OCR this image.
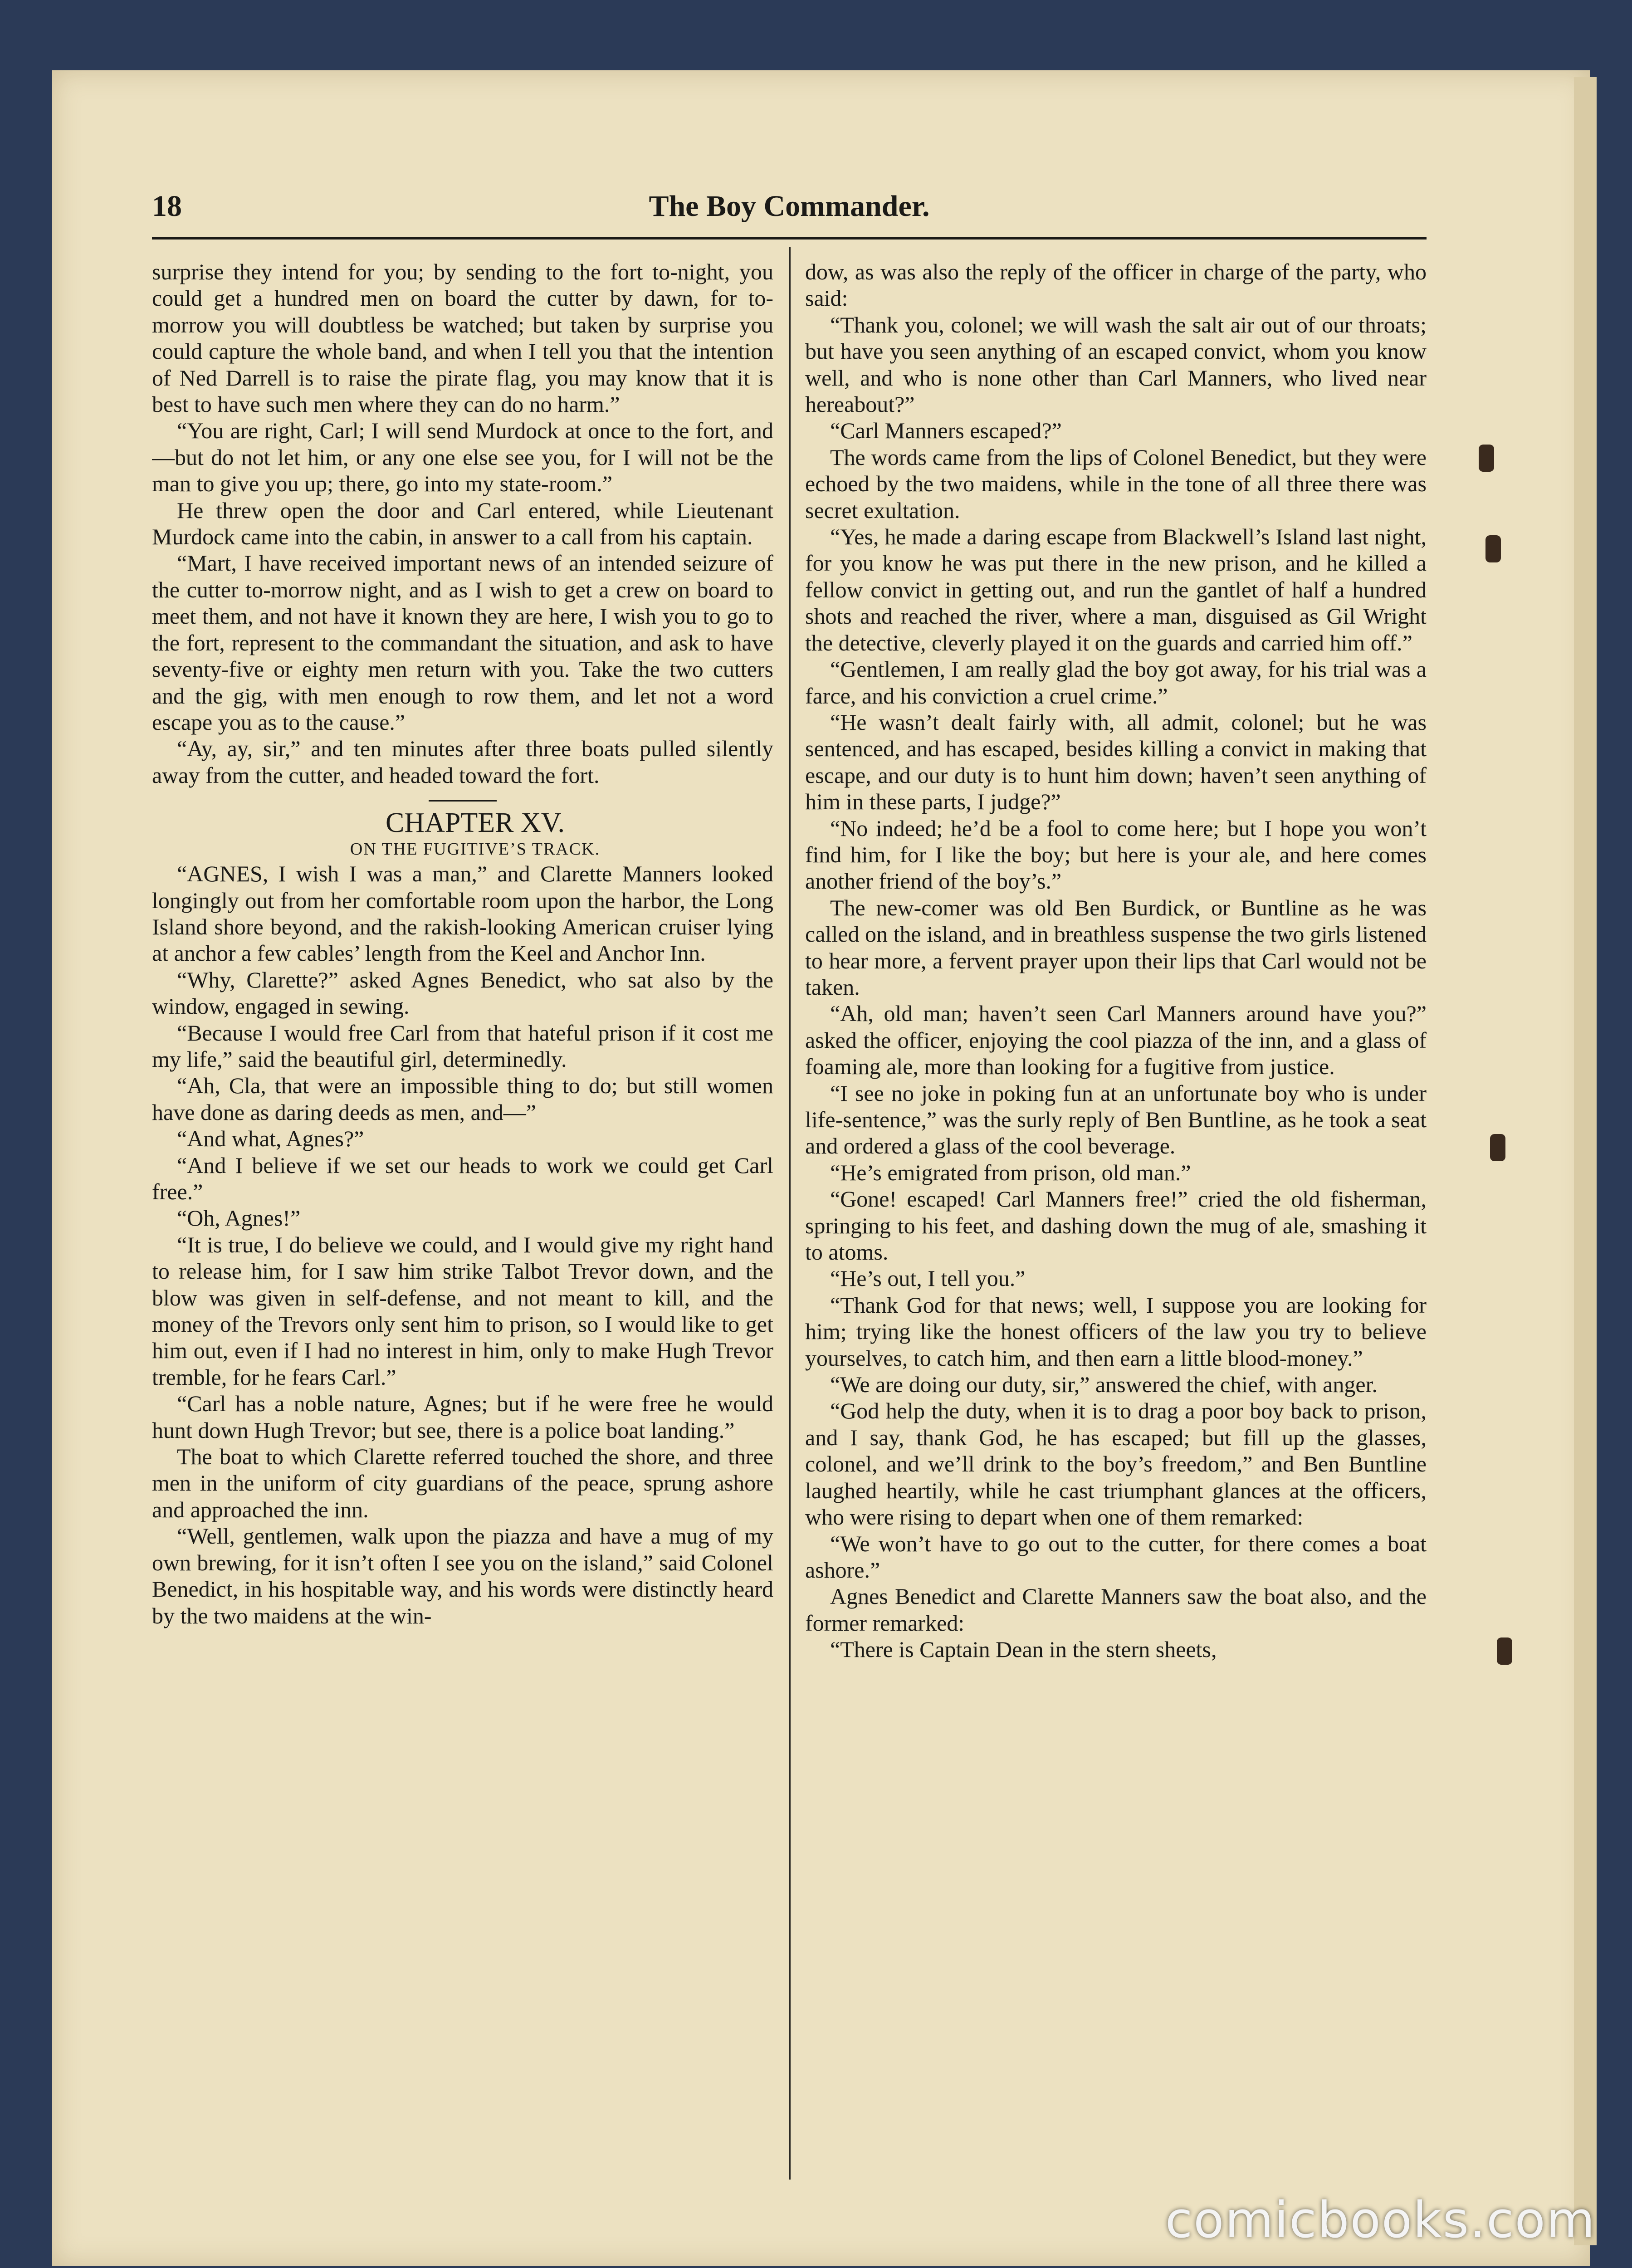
18	The Boy Commander.

surprise they intend for you; by sending to the fort to-night, you could get a hundred men on board the cutter by dawn, for to-morrow you will doubtless be watched; but taken by surprise you could capture the whole band, and when I tell you that the intention of Ned Darrell is to raise the pirate flag, you may know that it is best to have such men where they can do no harm.”

“You are right, Carl; I will send Murdock at once to the fort, and—but do not let him, or any one else see you, for I will not be the man to give you up; there, go into my state-room.”

He threw open the door and Carl entered, while Lieutenant Murdock came into the cabin, in answer to a call from his captain.

“Mart, I have received important news of an intended seizure of the cutter to-morrow night, and as I wish to get a crew on board to meet them, and not have it known they are here, I wish you to go to the fort, represent to the commandant the situation, and ask to have seventy-five or eighty men return with you. Take the two cutters and the gig, with men enough to row them, and let not a word escape you as to the cause.”

“Ay, ay, sir,” and ten minutes after three boats pulled silently away from the cutter, and headed toward the fort.

CHAPTER XV.

ON THE FUGITIVE’S TRACK.

“AGNES, I wish I was a man,” and Clarette Manners looked longingly out from her comfortable room upon the harbor, the Long Island shore beyond, and the rakish-looking American cruiser lying at anchor a few cables’ length from the Keel and Anchor Inn.

“Why, Clarette?” asked Agnes Benedict, who sat also by the window, engaged in sewing.

“Because I would free Carl from that hateful prison if it cost me my life,” said the beautiful girl, determinedly.

“Ah, Cla, that were an impossible thing to do; but still women have done as daring deeds as men, and—”

“And what, Agnes?”

“And I believe if we set our heads to work we could get Carl free.”

“Oh, Agnes!”

“It is true, I do believe we could, and I would give my right hand to release him, for I saw him strike Talbot Trevor down, and the blow was given in self-defense, and not meant to kill, and the money of the Trevors only sent him to prison, so I would like to get him out, even if I had no interest in him, only to make Hugh Trevor tremble, for he fears Carl.”

“Carl has a noble nature, Agnes; but if he were free he would hunt down Hugh Trevor; but see, there is a police boat landing.”

The boat to which Clarette referred touched the shore, and three men in the uniform of city guardians of the peace, sprung ashore and approached the inn.

“Well, gentlemen, walk upon the piazza and have a mug of my own brewing, for it isn’t often I see you on the island,” said Colonel Benedict, in his hospitable way, and his words were distinctly heard by the two maidens at the win-

dow, as was also the reply of the officer in charge of the party, who said:

“Thank you, colonel; we will wash the salt air out of our throats; but have you seen anything of an escaped convict, whom you know well, and who is none other than Carl Manners, who lived near hereabout?”

“Carl Manners escaped?”

The words came from the lips of Colonel Benedict, but they were echoed by the two maidens, while in the tone of all three there was secret exultation.

“Yes, he made a daring escape from Blackwell’s Island last night, for you know he was put there in the new prison, and he killed a fellow convict in getting out, and run the gantlet of half a hundred shots and reached the river, where a man, disguised as Gil Wright the detective, cleverly played it on the guards and carried him off.”

“Gentlemen, I am really glad the boy got away, for his trial was a farce, and his conviction a cruel crime.”

“He wasn’t dealt fairly with, all admit, colonel; but he was sentenced, and has escaped, besides killing a convict in making that escape, and our duty is to hunt him down; haven’t seen anything of him in these parts, I judge?”

“No indeed; he’d be a fool to come here; but I hope you won’t find him, for I like the boy; but here is your ale, and here comes another friend of the boy’s.”

The new-comer was old Ben Burdick, or Buntline as he was called on the island, and in breathless suspense the two girls listened to hear more, a fervent prayer upon their lips that Carl would not be taken.

“Ah, old man; haven’t seen Carl Manners around have you?” asked the officer, enjoying the cool piazza of the inn, and a glass of foaming ale, more than looking for a fugitive from justice.

“I see no joke in poking fun at an unfortunate boy who is under life-sentence,” was the surly reply of Ben Buntline, as he took a seat and ordered a glass of the cool beverage.

“He’s emigrated from prison, old man.”

“Gone! escaped! Carl Manners free!” cried the old fisherman, springing to his feet, and dashing down the mug of ale, smashing it to atoms.

“He’s out, I tell you.”

“Thank God for that news; well, I suppose you are looking for him; trying like the honest officers of the law you try to believe yourselves, to catch him, and then earn a little blood-money.”

“We are doing our duty, sir,” answered the chief, with anger.

“God help the duty, when it is to drag a poor boy back to prison, and I say, thank God, he has escaped; but fill up the glasses, colonel, and we’ll drink to the boy’s freedom,” and Ben Buntline laughed heartily, while he cast triumphant glances at the officers, who were rising to depart when one of them remarked:

“We won’t have to go out to the cutter, for there comes a boat ashore.”

Agnes Benedict and Clarette Manners saw the boat also, and the former remarked:

“There is Captain Dean in the stern sheets,

comicbooks.com
